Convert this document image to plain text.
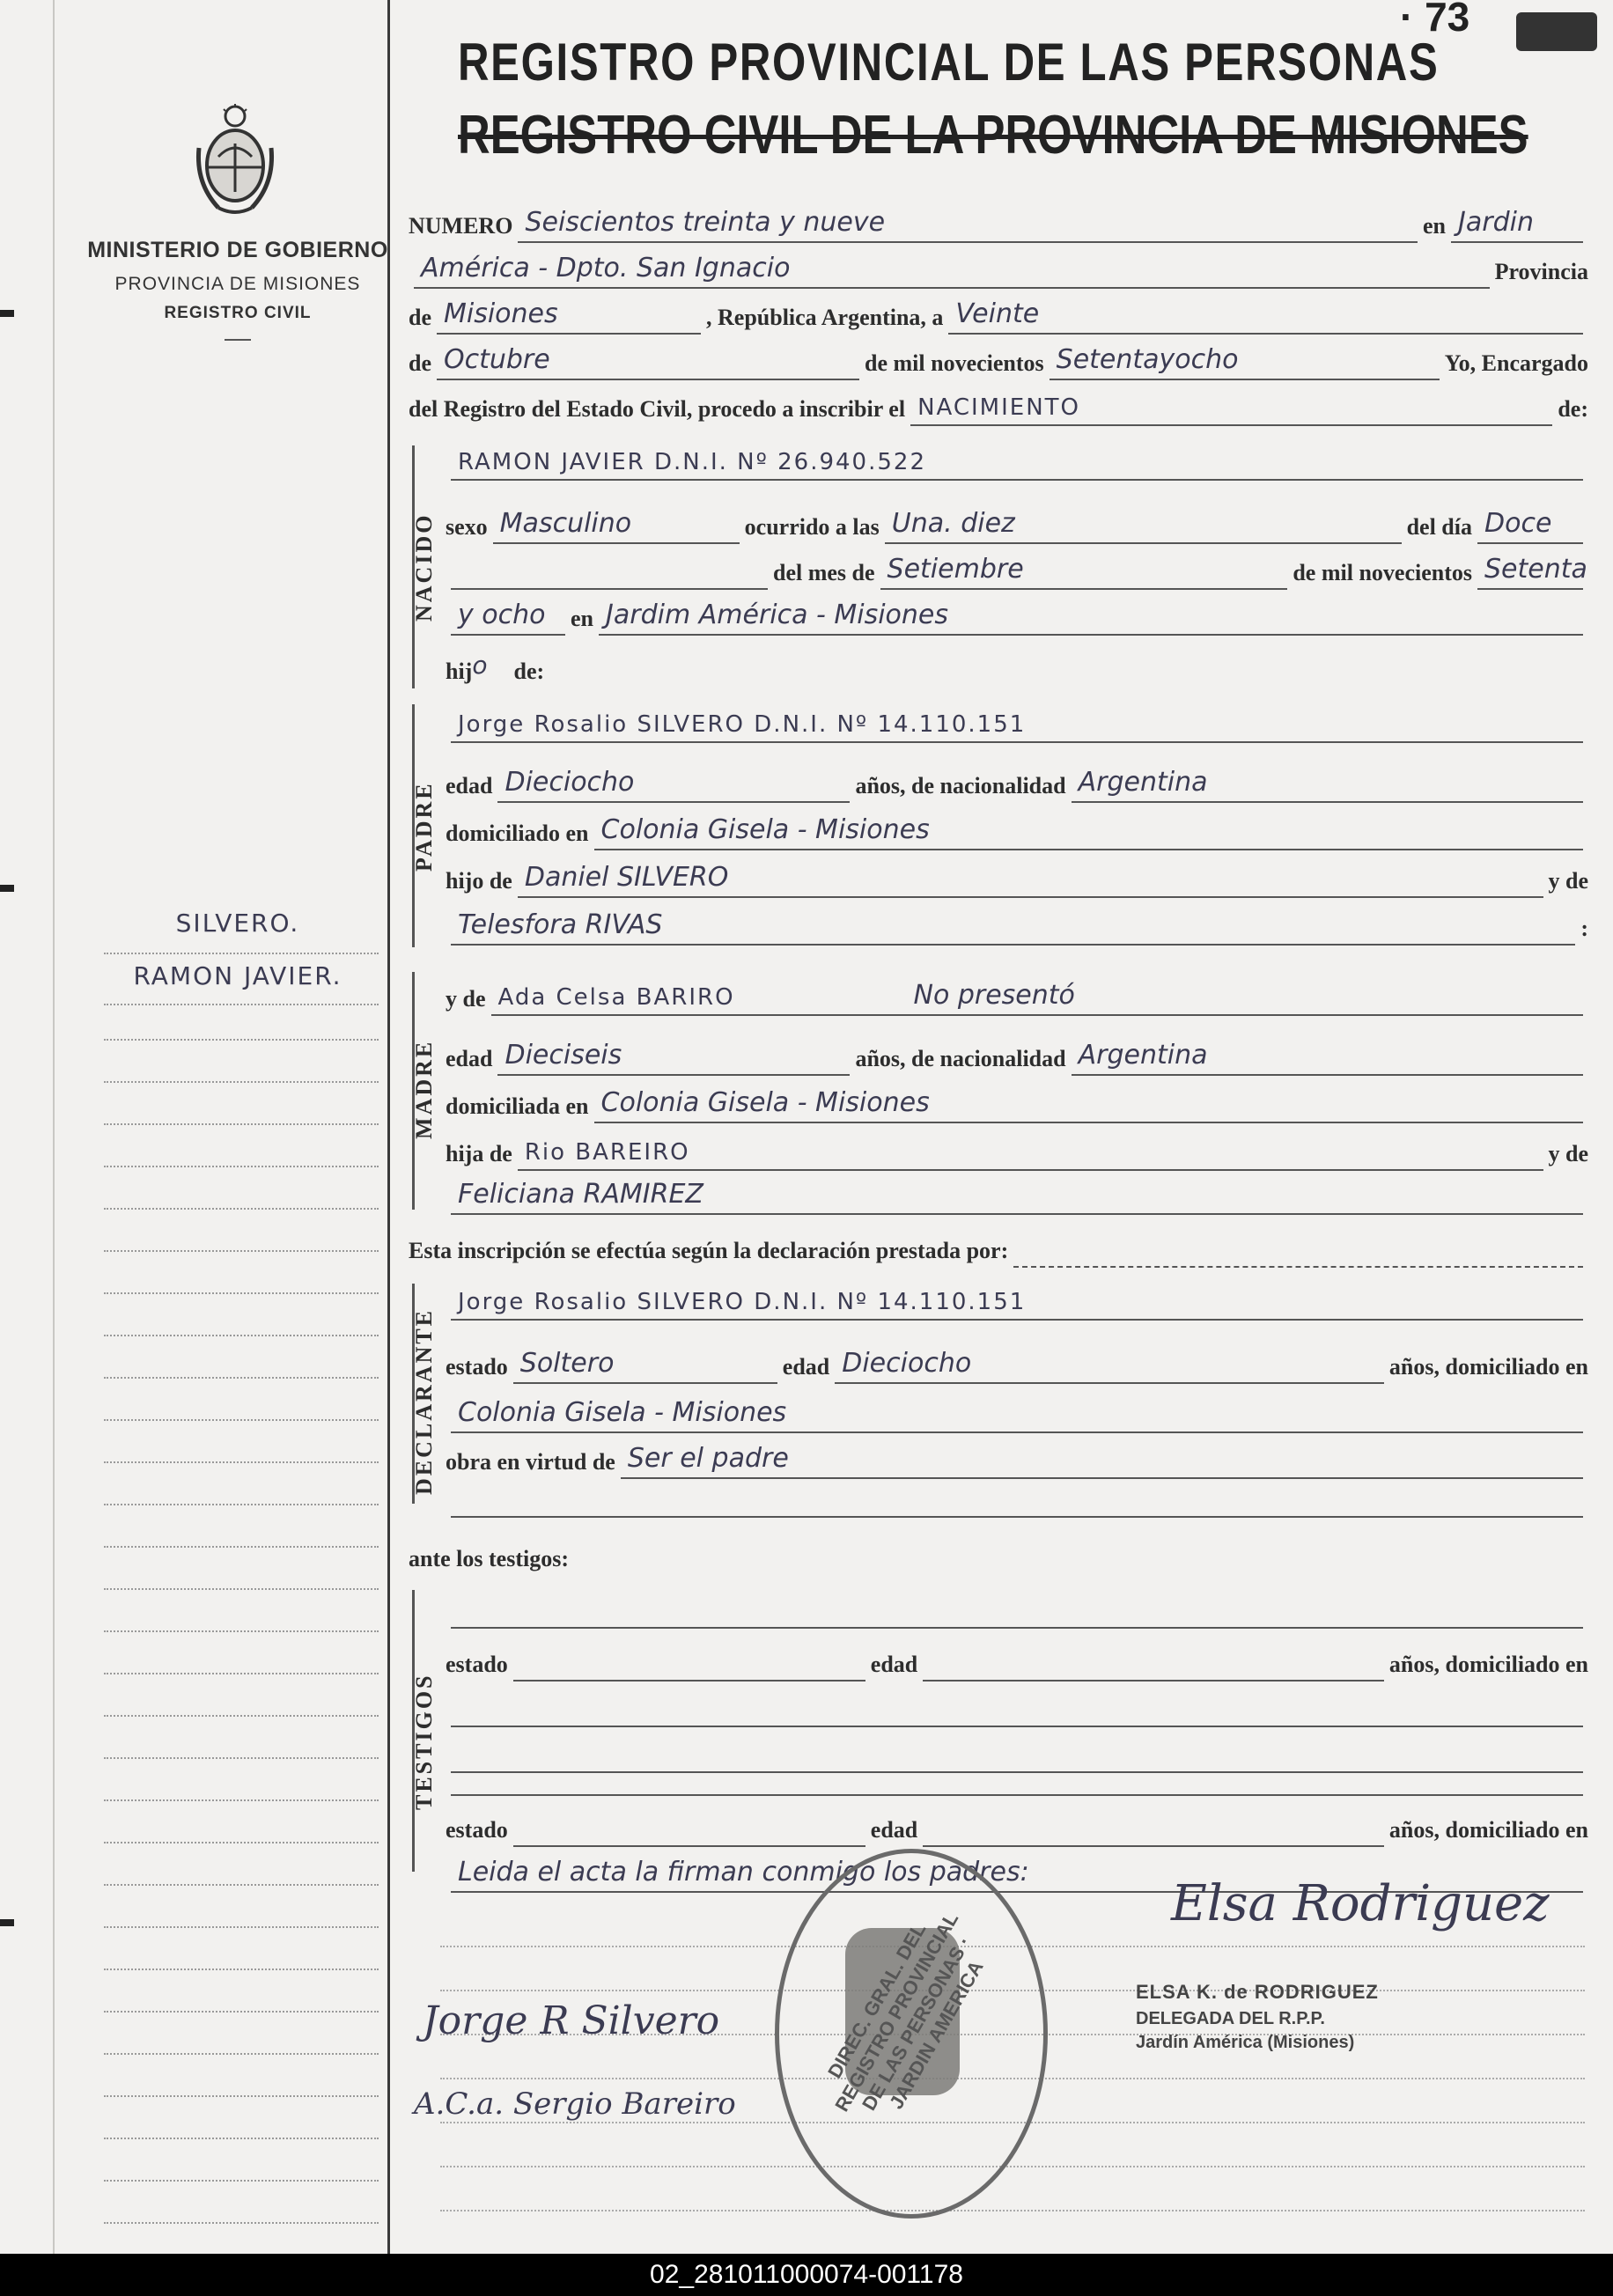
· 73
REGISTRO PROVINCIAL DE LAS PERSONAS
REGISTRO CIVIL DE LA PROVINCIA DE MISIONES
MINISTERIO DE GOBIERNO
PROVINCIA DE MISIONES
REGISTRO CIVIL
SILVERO.
RAMON JAVIER.
NUMERO Seiscientos treinta y nueve	en Jardin
América - Dpto. San Ignacio	Provincia
de Misiones	, República Argentina, a Veinte
de Octubre	de mil novecientos Setentayocho	Yo, Encargado
del Registro del Estado Civil, procedo a inscribir el NACIMIENTO	de:
NACIDO
RAMON JAVIER D.N.I. Nº 26.940.522
sexo Masculino	ocurrido a las Una. diez	del día Doce
del mes de Setiembre	de mil novecientos Setenta
y ocho en Jardim América - Misiones
hij o de:
PADRE
Jorge Rosalio SILVERO D.N.I. Nº 14.110.151
edad Dieciocho	años, de nacionalidad Argentina
domiciliado en Colonia Gisela - Misiones
hijo de Daniel SILVERO	y de
Telesfora RIVAS	:
MADRE
y de Ada Celsa BARIRO	No presentó
edad Dieciseis	años, de nacionalidad Argentina
domiciliada en Colonia Gisela - Misiones
hija de Rio BAREIRO	y de
Feliciana RAMIREZ
Esta inscripción se efectúa según la declaración prestada por:
DECLARANTE
Jorge Rosalio SILVERO D.N.I. Nº 14.110.151
estado Soltero	edad Dieciocho	años, domiciliado en
Colonia Gisela - Misiones
obra en virtud de Ser el padre
ante los testigos:
TESTIGOS
estado	edad	años, domiciliado en
estado	edad	años, domiciliado en
Leida el acta la firman conmigo los padres:
DIREC. GRAL. DEL REGISTRO PROVINCIAL DE LAS PERSONAS · JARDIN AMERICA
Jorge R Silvero
A.C.a. Sergio Bareiro
Elsa Rodriguez
ELSA K. de RODRIGUEZ
DELEGADA DEL R.P.P.
Jardín América (Misiones)
02_281011000074-001178
